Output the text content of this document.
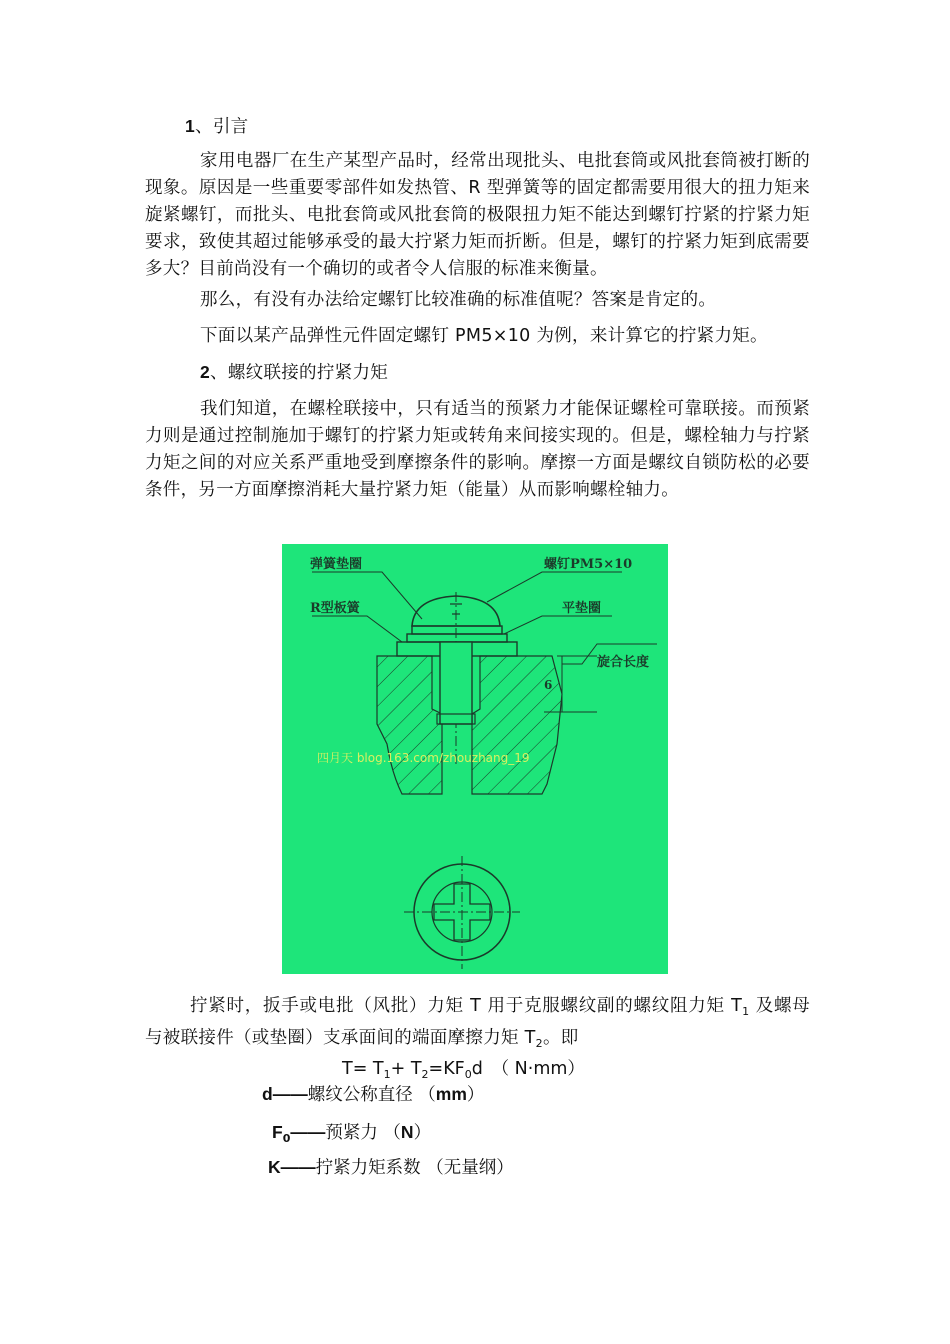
1、引言
家用电器厂在生产某型产品时，经常出现批头、电批套筒或风批套筒被打断的现象。原因是一些重要零部件如发热管、R 型弹簧等的固定都需要用很大的扭力矩来旋紧螺钉，而批头、电批套筒或风批套筒的极限扭力矩不能达到螺钉拧紧的拧紧力矩要求，致使其超过能够承受的最大拧紧力矩而折断。但是，螺钉的拧紧力矩到底需要多大？目前尚没有一个确切的或者令人信服的标准来衡量。
那么，有没有办法给定螺钉比较准确的标准值呢？答案是肯定的。
下面以某产品弹性元件固定螺钉 PM5×10 为例，来计算它的拧紧力矩。
2、螺纹联接的拧紧力矩
我们知道，在螺栓联接中，只有适当的预紧力才能保证螺栓可靠联接。而预紧力则是通过控制施加于螺钉的拧紧力矩或转角来间接实现的。但是，螺栓轴力与拧紧力矩之间的对应关系严重地受到摩擦条件的影响。摩擦一方面是螺纹自锁防松的必要条件，另一方面摩擦消耗大量拧紧力矩（能量）从而影响螺栓轴力。
6
弹簧垫圈	螺钉PM5×10
R型板簧	平垫圈
旋合长度
四月天 blog.163.com/zhouzhang_19
拧紧时，扳手或电批（风批）力矩 T 用于克服螺纹副的螺纹阻力矩 $T_1$ 及螺母与被联接件（或垫圈）支承面间的端面摩擦力矩 $T_2$。即
$T= T_1+ T_2=KF_0d$　（ N·mm）
d——螺纹公称直径 （mm）
$F_0——$预紧力 （N）
K——拧紧力矩系数 （无量纲）
